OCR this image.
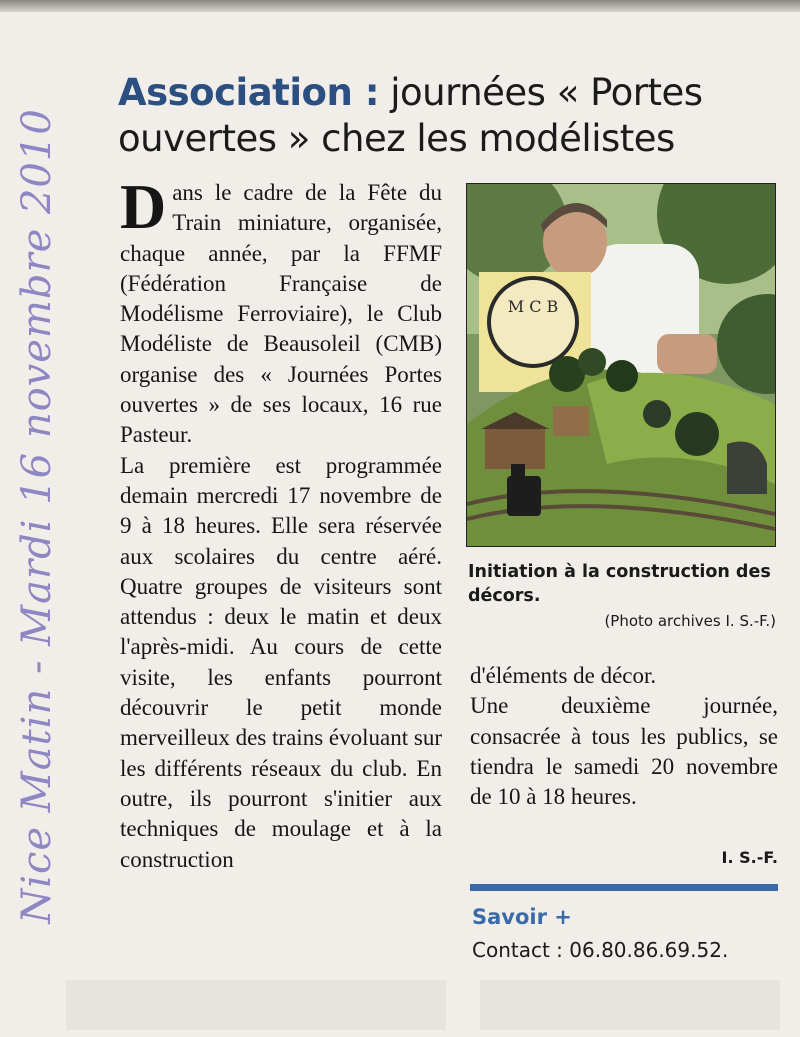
Nice Matin - Mardi 16 novembre 2010
Association : journées « Portes ouvertes » chez les modélistes

Dans le cadre de la Fête du Train miniature, organisée, chaque année, par la FFMF (Fédération Française de Modélisme Ferroviaire), le Club Modéliste de Beausoleil (CMB) organise des « Journées Portes ouvertes » de ses locaux, 16 rue Pasteur.

La première est programmée demain mercredi 17 novembre de 9 à 18 heures. Elle sera réservée aux scolaires du centre aéré. Quatre groupes de visiteurs sont attendus : deux le matin et deux l'après-midi. Au cours de cette visite, les enfants pourront découvrir le petit monde merveilleux des trains évoluant sur les différents réseaux du club. En outre, ils pourront s'initier aux techniques de moulage et à la construction

M C B

Initiation à la construction des décors.

(Photo archives I. S.-F.)

d'éléments de décor.

Une deuxième journée, consacrée à tous les publics, se tiendra le samedi 20 novembre de 10 à 18 heures.

I. S.-F.
Savoir +
Contact : 06.80.86.69.52.
